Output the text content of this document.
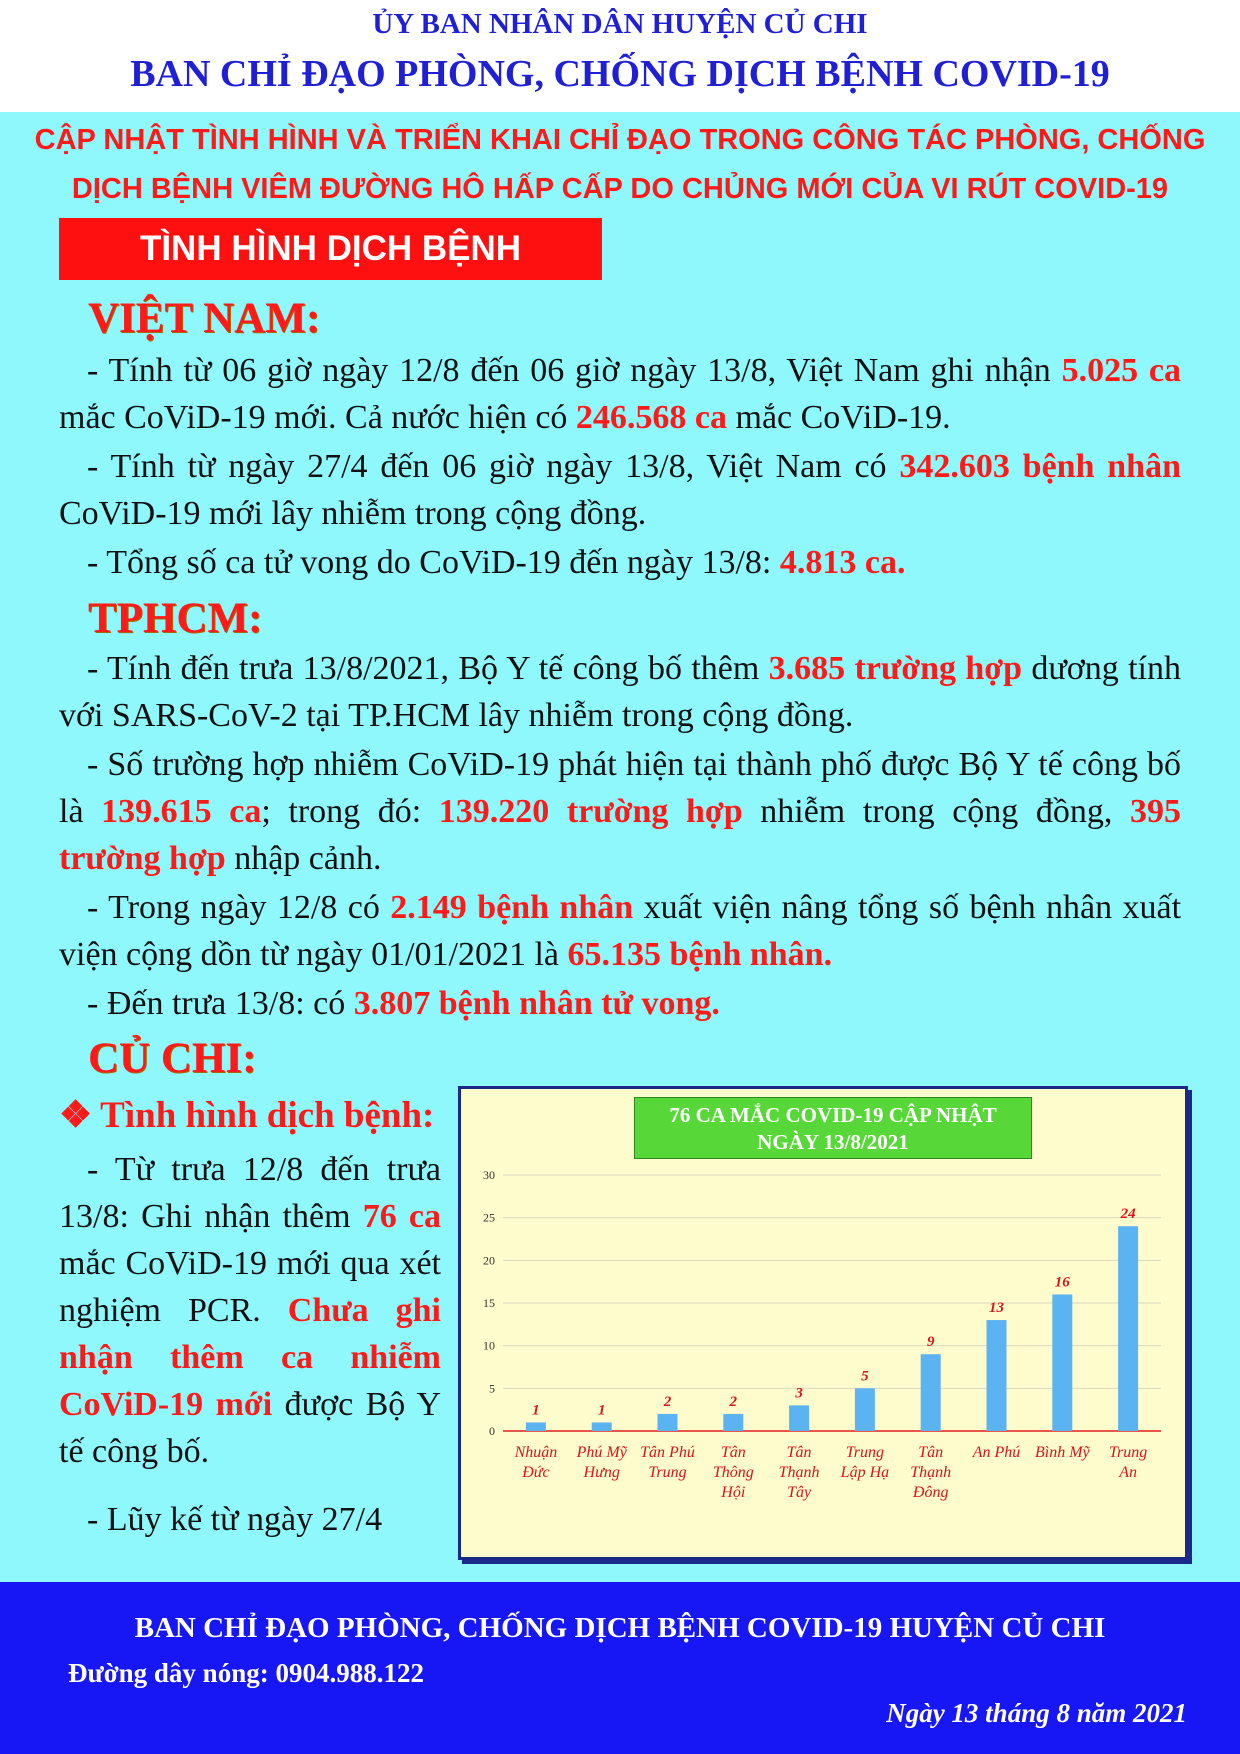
ỦY BAN NHÂN DÂN HUYỆN CỦ CHI
BAN CHỈ ĐẠO PHÒNG, CHỐNG DỊCH BỆNH COVID-19
CẬP NHẬT TÌNH HÌNH VÀ TRIỂN KHAI CHỈ ĐẠO TRONG CÔNG TÁC PHÒNG, CHỐNG
DỊCH BỆNH VIÊM ĐƯỜNG HÔ HẤP CẤP DO CHỦNG MỚI CỦA VI RÚT COVID-19
TÌNH HÌNH DỊCH BỆNH
VIỆT NAM:
- Tính từ 06 giờ ngày 12/8 đến 06 giờ ngày 13/8, Việt Nam ghi nhận 5.025 ca mắc CoViD-19 mới. Cả nước hiện có 246.568 ca mắc CoViD-19.
- Tính từ ngày 27/4 đến 06 giờ ngày 13/8, Việt Nam có 342.603 bệnh nhân CoViD-19 mới lây nhiễm trong cộng đồng.
- Tổng số ca tử vong do CoViD-19 đến ngày 13/8: 4.813 ca.
TPHCM:
- Tính đến trưa 13/8/2021, Bộ Y tế công bố thêm 3.685 trường hợp dương tính với SARS-CoV-2 tại TP.HCM lây nhiễm trong cộng đồng.
- Số trường hợp nhiễm CoViD-19 phát hiện tại thành phố được Bộ Y tế công bố là 139.615 ca; trong đó: 139.220 trường hợp nhiễm trong cộng đồng, 395 trường hợp nhập cảnh.
- Trong ngày 12/8 có 2.149 bệnh nhân xuất viện nâng tổng số bệnh nhân xuất viện cộng dồn từ ngày 01/01/2021 là 65.135 bệnh nhân.
- Đến trưa 13/8: có 3.807 bệnh nhân tử vong.
CỦ CHI:
❖ Tình hình dịch bệnh:
- Từ trưa 12/8 đến trưa 13/8: Ghi nhận thêm 76 ca mắc CoViD-19 mới qua xét nghiệm PCR. Chưa ghi nhận thêm ca nhiễm CoViD-19 mới được Bộ Y tế công bố.
- Lũy kế từ ngày 27/4
0
5
10
15
20
25
30
1
Nhuận Đức
1
Phú Mỹ Hưng
2
Tân Phú Trung
2
Tân Thông Hội
3
Tân Thạnh Tây
5
Trung Lập Hạ
9
Tân Thạnh Đông
13
An Phú
16
Bình Mỹ
24
Trung An
76 CA MẮC COVID-19 CẬP NHẬT
NGÀY 13/8/2021
BAN CHỈ ĐẠO PHÒNG, CHỐNG DỊCH BỆNH COVID-19 HUYỆN CỦ CHI
Đường dây nóng: 0904.988.122
Ngày 13 tháng 8 năm 2021
